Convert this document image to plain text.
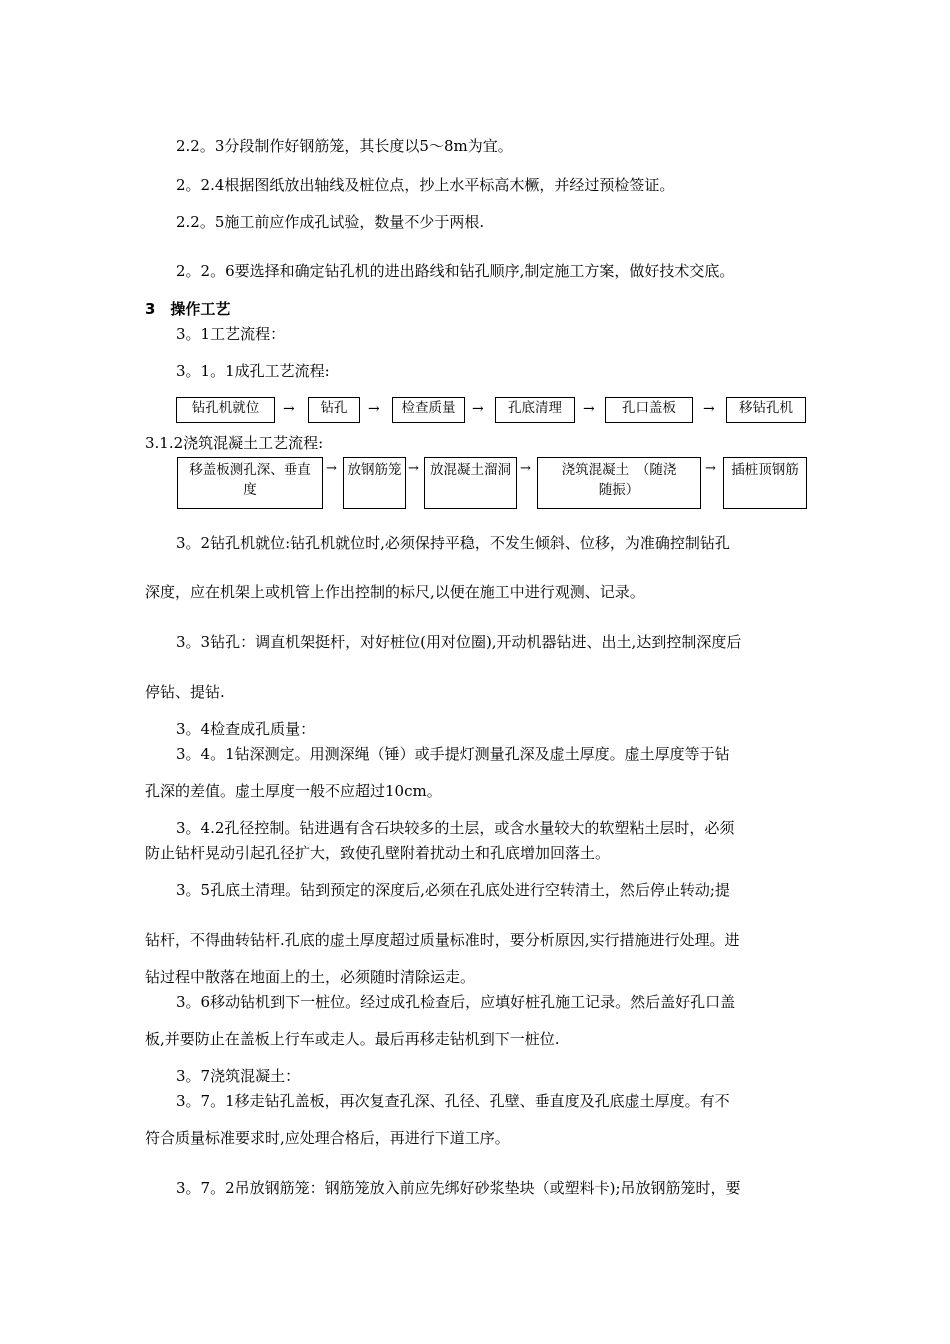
2.2。3分段制作好钢筋笼，其长度以5～8m为宜。
2。2.4根据图纸放出轴线及桩位点，抄上水平标高木橛，并经过预检签证。
2.2。5施工前应作成孔试验，数量不少于两根.
2。2。6要选择和确定钻孔机的进出路线和钻孔顺序,制定施工方案，做好技术交底。
3　操作工艺
3。1工艺流程：
3。1。1成孔工艺流程:
钻孔机就位	→	钻孔	→	检查质量	→	孔底清理	→	孔口盖板	→	移钻孔机
3.1.2浇筑混凝土工艺流程:
移盖板测孔深、垂直度
→ 放钢筋笼 → 放混凝土溜洞 →	浇筑混凝土　（随浇随振）
→	插桩顶钢筋
3。2钻孔机就位:钻孔机就位时,必须保持平稳，不发生倾斜、位移，为准确控制钻孔
深度，应在机架上或机管上作出控制的标尺,以便在施工中进行观测、记录。
3。3钻孔：调直机架挺杆，对好桩位(用对位圈),开动机器钻进、出土,达到控制深度后
停钻、提钻.
3。4检查成孔质量：
3。4。1钻深测定。用测深绳（锤）或手提灯测量孔深及虚土厚度。虚土厚度等于钻
孔深的差值。虚土厚度一般不应超过10cm。
3。4.2孔径控制。钻进遇有含石块较多的土层，或含水量较大的软塑粘土层时，必须
防止钻杆晃动引起孔径扩大，致使孔壁附着扰动土和孔底增加回落土。
3。5孔底土清理。钻到预定的深度后,必须在孔底处进行空转清土，然后停止转动;提
钻杆，不得曲转钻杆.孔底的虚土厚度超过质量标准时，要分析原因,实行措施进行处理。进
钻过程中散落在地面上的土，必须随时清除运走。
3。6移动钻机到下一桩位。经过成孔检查后，应填好桩孔施工记录。然后盖好孔口盖
板,并要防止在盖板上行车或走人。最后再移走钻机到下一桩位.
3。7浇筑混凝土：
3。7。1移走钻孔盖板，再次复查孔深、孔径、孔壁、垂直度及孔底虚土厚度。有不
符合质量标准要求时,应处理合格后，再进行下道工序。
3。7。2吊放钢筋笼：钢筋笼放入前应先绑好砂浆垫块（或塑料卡);吊放钢筋笼时，要
